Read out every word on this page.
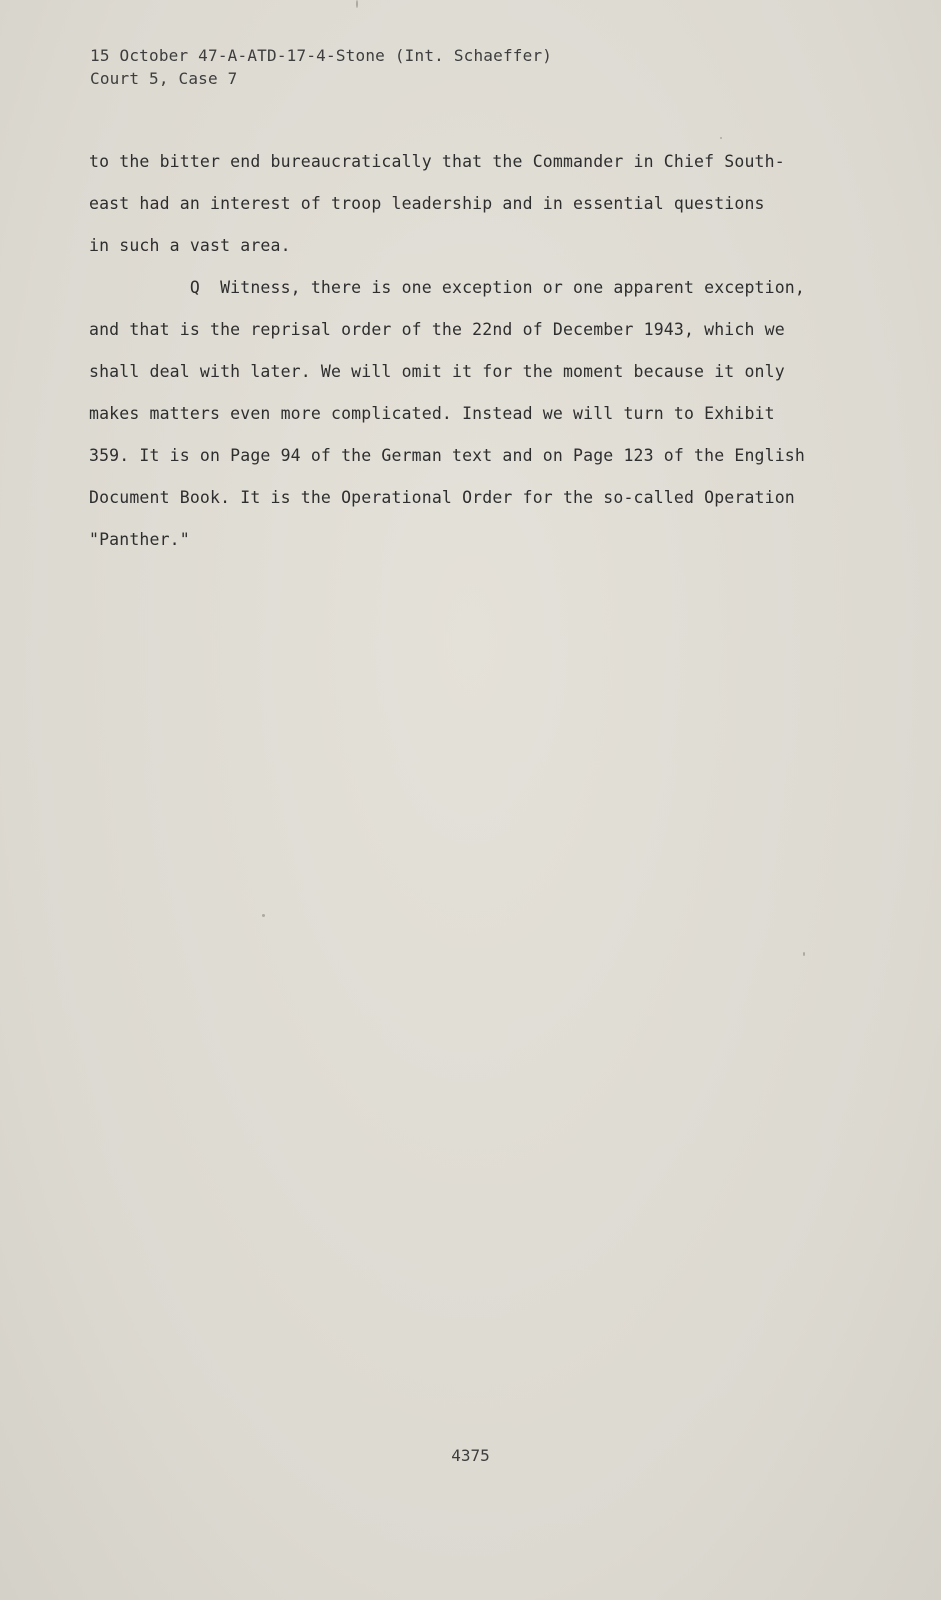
15 October 47-A-ATD-17-4-Stone (Int. Schaeffer)
Court 5, Case 7
to the bitter end bureaucratically that the Commander in Chief South-
east had an interest of troop leadership and in essential questions
in such a vast area.
Q  Witness, there is one exception or one apparent exception,
and that is the reprisal order of the 22nd of December 1943, which we
shall deal with later. We will omit it for the moment because it only
makes matters even more complicated. Instead we will turn to Exhibit
359. It is on Page 94 of the German text and on Page 123 of the English
Document Book. It is the Operational Order for the so-called Operation
"Panther."
4375
